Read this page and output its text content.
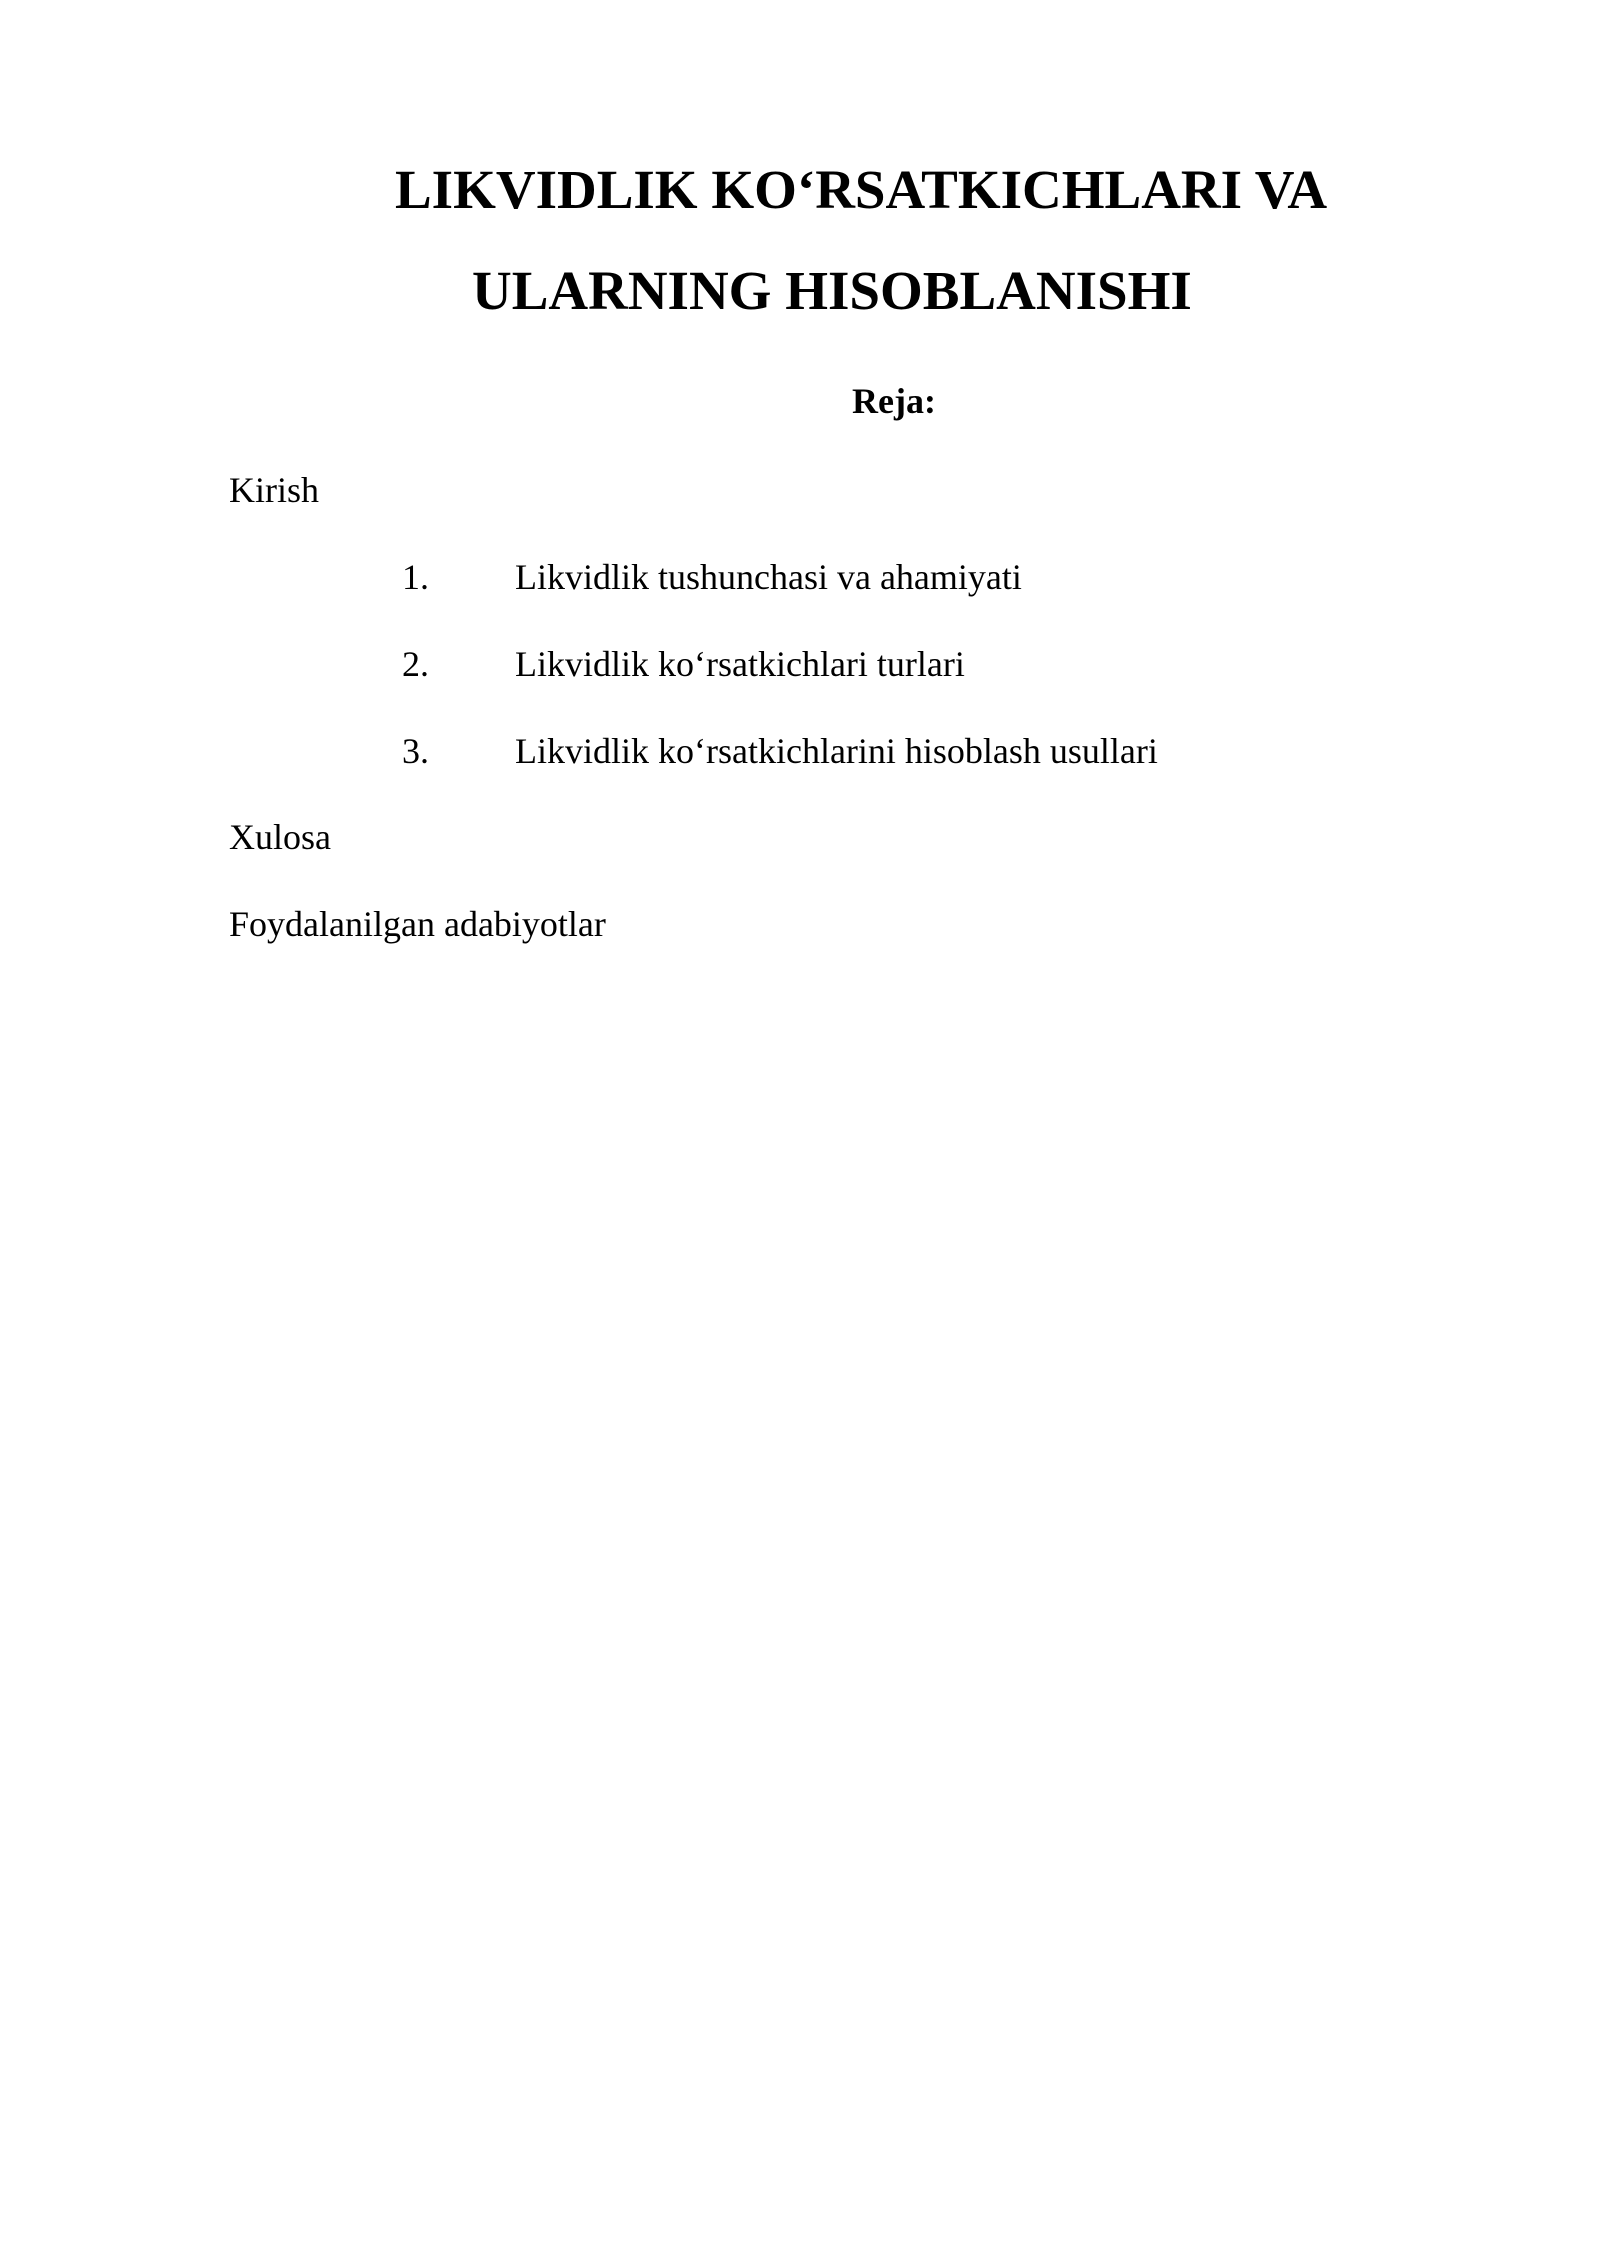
LIKVIDLIK KO‘RSATKICHLARI VA
ULARNING HISOBLANISHI
Reja:
Kirish
1. Likvidlik tushunchasi va ahamiyati
2. Likvidlik ko‘rsatkichlari turlari
3. Likvidlik ko‘rsatkichlarini hisoblash usullari
Xulosa
Foydalanilgan adabiyotlar
